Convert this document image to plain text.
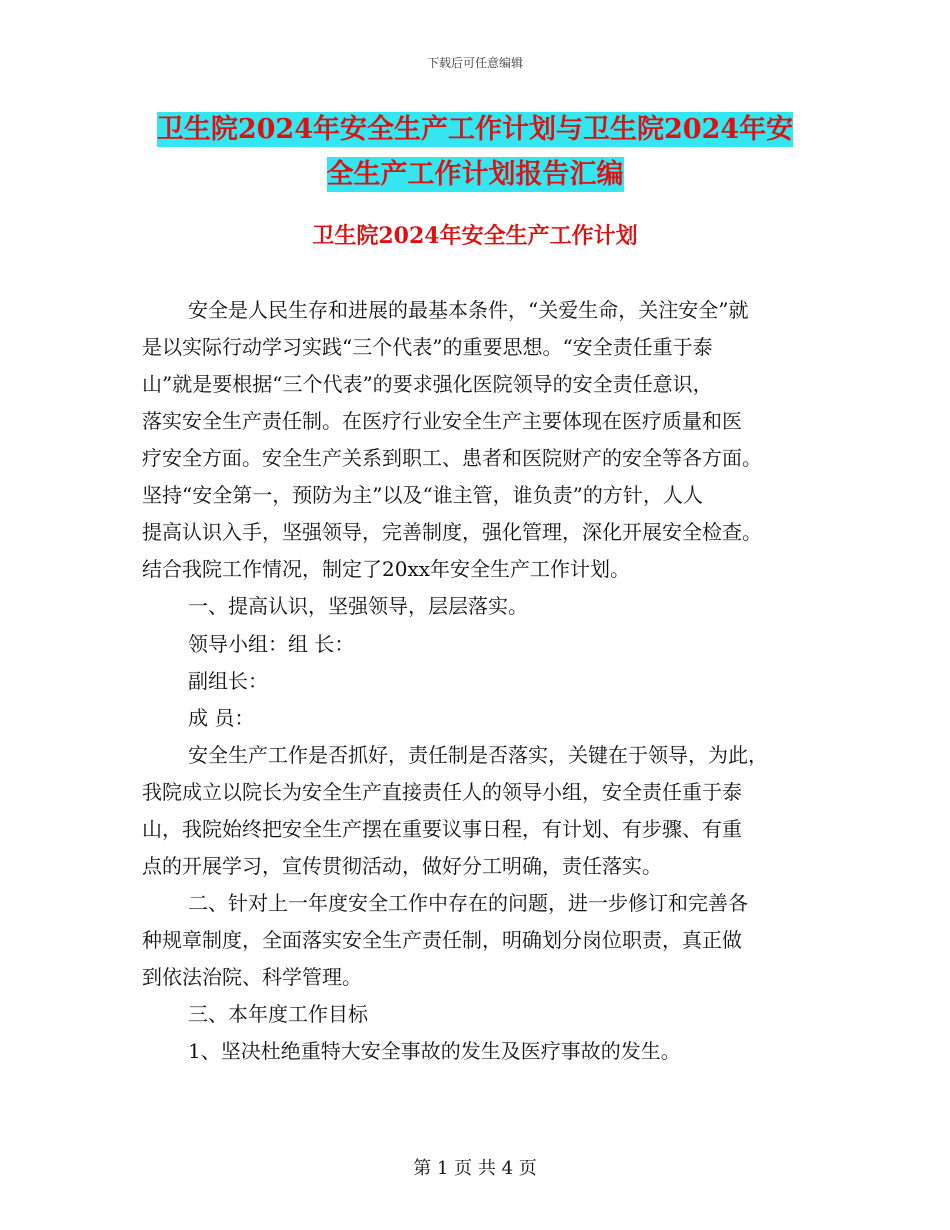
下载后可任意编辑
卫生院2024年安全生产工作计划与卫生院2024年安
全生产工作计划报告汇编
卫生院2024年安全生产工作计划
安全是人民生存和进展的最基本条件，“关爱生命，关注安全”就
是以实际行动学习实践“三个代表”的重要思想。“安全责任重于泰
山”就是要根据“三个代表”的要求强化医院领导的安全责任意识，
落实安全生产责任制。在医疗行业安全生产主要体现在医疗质量和医
疗安全方面。安全生产关系到职工、患者和医院财产的安全等各方面。
坚持“安全第一，预防为主”以及“谁主管，谁负责”的方针，人人
提高认识入手，坚强领导，完善制度，强化管理，深化开展安全检查。
结合我院工作情况，制定了20xx年安全生产工作计划。
一、提高认识，坚强领导，层层落实。
领导小组：组 长：
副组长：
成 员：
安全生产工作是否抓好，责任制是否落实，关键在于领导，为此，
我院成立以院长为安全生产直接责任人的领导小组，安全责任重于泰
山，我院始终把安全生产摆在重要议事日程，有计划、有步骤、有重
点的开展学习，宣传贯彻活动，做好分工明确，责任落实。
二、针对上一年度安全工作中存在的问题，进一步修订和完善各
种规章制度，全面落实安全生产责任制，明确划分岗位职责，真正做
到依法治院、科学管理。
三、本年度工作目标
1、坚决杜绝重特大安全事故的发生及医疗事故的发生。
第 1 页 共 4 页
